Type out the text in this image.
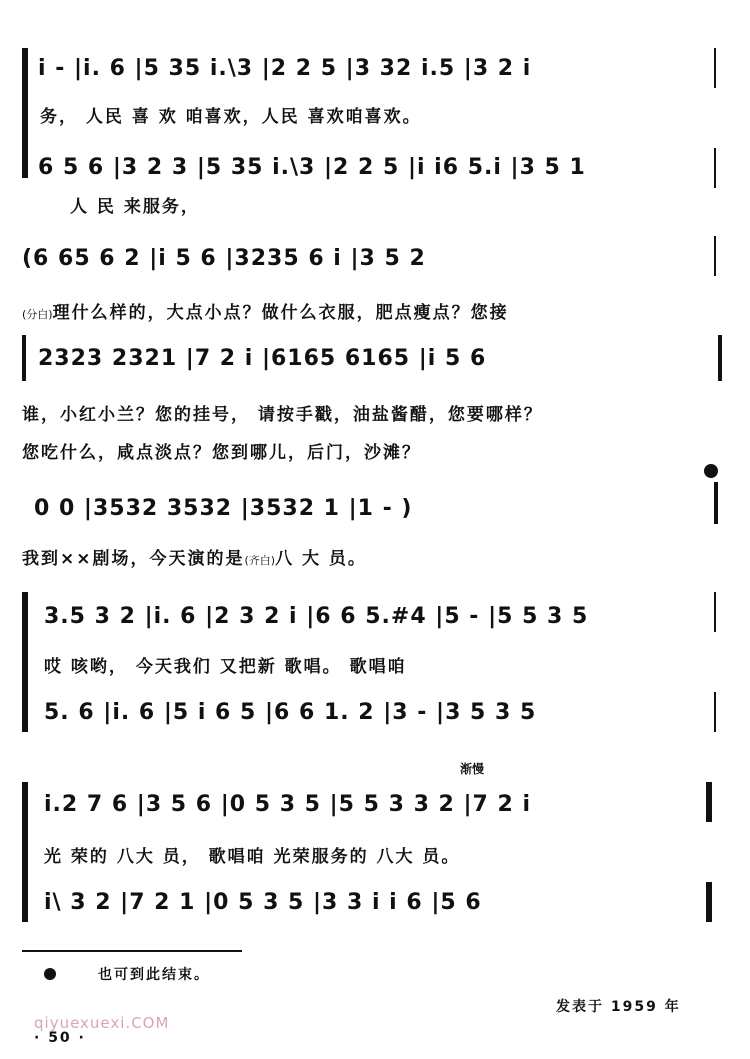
i - |i. 6 |5 35 i.\3 |2 2 5 |3 32 i.5 |3 2 i
务， 人民 喜 欢 咱喜欢，人民 喜欢咱喜欢。
6 5 6 |3 2 3 |5 35 i.\3 |2 2 5 |i i6 5.i |3 5 1
人 民 来服务，
(6 65 6 2 |i 5 6 |3235 6 i |3 5 2
(分白)理什么样的，大点小点？做什么衣服，肥点瘦点？您接
2323 2321 |7 2 i |6165 6165 |i 5 6
谁，小红小兰？您的挂号， 请按手戳，油盐酱醋，您要哪样？
您吃什么，咸点淡点？您到哪儿，后门，沙滩？
0 0 |3532 3532 |3532 1 |1 - )
我到××剧场，今天演的是(齐白)八 大 员。
3.5 3 2 |i. 6 |2 3 2 i |6 6 5.#4 |5 - |5 5 3 5
哎 咳哟， 今天我们 又把新 歌唱。 歌唱咱
5. 6 |i. 6 |5 i 6 5 |6 6 1. 2 |3 - |3 5 3 5
渐慢
i.2 7 6 |3 5 6 |0 5 3 5 |5 5 3 3 2 |7 2 i
光 荣的 八大 员， 歌唱咱 光荣服务的 八大 员。
i\ 3 2 |7 2 1 |0 5 3 5 |3 3 i i 6 |5 6
也可到此结束。
发表于 1959 年
· 50 ·
qiyuexuexi.COM
